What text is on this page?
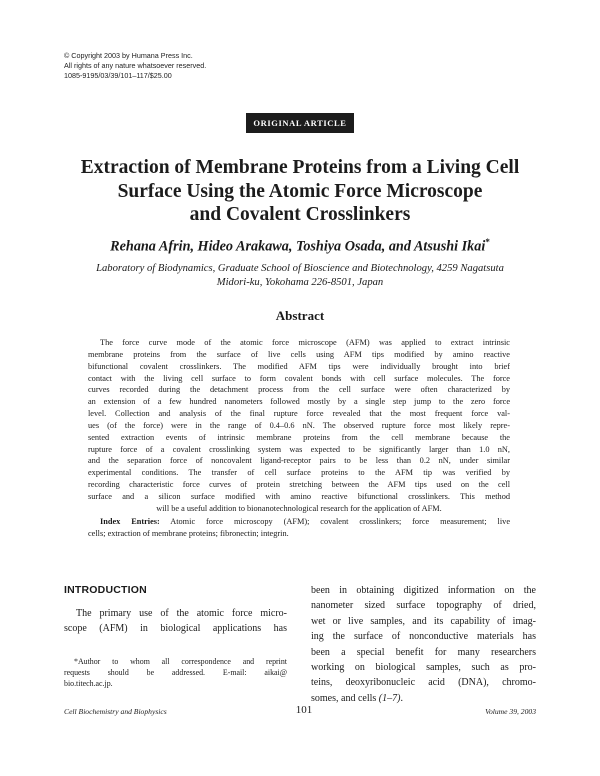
© Copyright 2003 by Humana Press Inc.
All rights of any nature whatsoever reserved.
1085-9195/03/39/101–117/$25.00
ORIGINAL ARTICLE
Extraction of Membrane Proteins from a Living Cell
Surface Using the Atomic Force Microscope
and Covalent Crosslinkers
Rehana Afrin, Hideo Arakawa, Toshiya Osada, and Atsushi Ikai*
Laboratory of Biodynamics, Graduate School of Bioscience and Biotechnology, 4259 Nagatsuta
Midori-ku, Yokohama 226-8501, Japan
Abstract
The force curve mode of the atomic force microscope (AFM) was applied to extract intrinsic
membrane proteins from the surface of live cells using AFM tips modified by amino reactive
bifunctional covalent crosslinkers. The modified AFM tips were individually brought into brief
contact with the living cell surface to form covalent bonds with cell surface molecules. The force
curves recorded during the detachment process from the cell surface were often characterized by
an extension of a few hundred nanometers followed mostly by a single step jump to the zero force
level. Collection and analysis of the final rupture force revealed that the most frequent force val-
ues (of the force) were in the range of 0.4–0.6 nN. The observed rupture force most likely repre-
sented extraction events of intrinsic membrane proteins from the cell membrane because the
rupture force of a covalent crosslinking system was expected to be significantly larger than 1.0 nN,
and the separation force of noncovalent ligand-receptor pairs to be less than 0.2 nN, under similar
experimental conditions. The transfer of cell surface proteins to the AFM tip was verified by
recording characteristic force curves of protein stretching between the AFM tips used on the cell
surface and a silicon surface modified with amino reactive bifunctional crosslinkers. This method
will be a useful addition to bionanotechnological research for the application of AFM.
Index Entries: Atomic force microscopy (AFM); covalent crosslinkers; force measurement; live
cells; extraction of membrane proteins; fibronectin; integrin.
INTRODUCTION
The primary use of the atomic force micro-
scope (AFM) in biological applications has
*Author to whom all correspondence and reprint
requests should be addressed. E-mail: aikai@
bio.titech.ac.jp.
been in obtaining digitized information on the
nanometer sized surface topography of dried,
wet or live samples, and its capability of imag-
ing the surface of nonconductive materials has
been a special benefit for many researchers
working on biological samples, such as pro-
teins, deoxyribonucleic acid (DNA), chromo-
somes, and cells (1–7).
Cell Biochemistry and Biophysics	101	Volume 39, 2003
